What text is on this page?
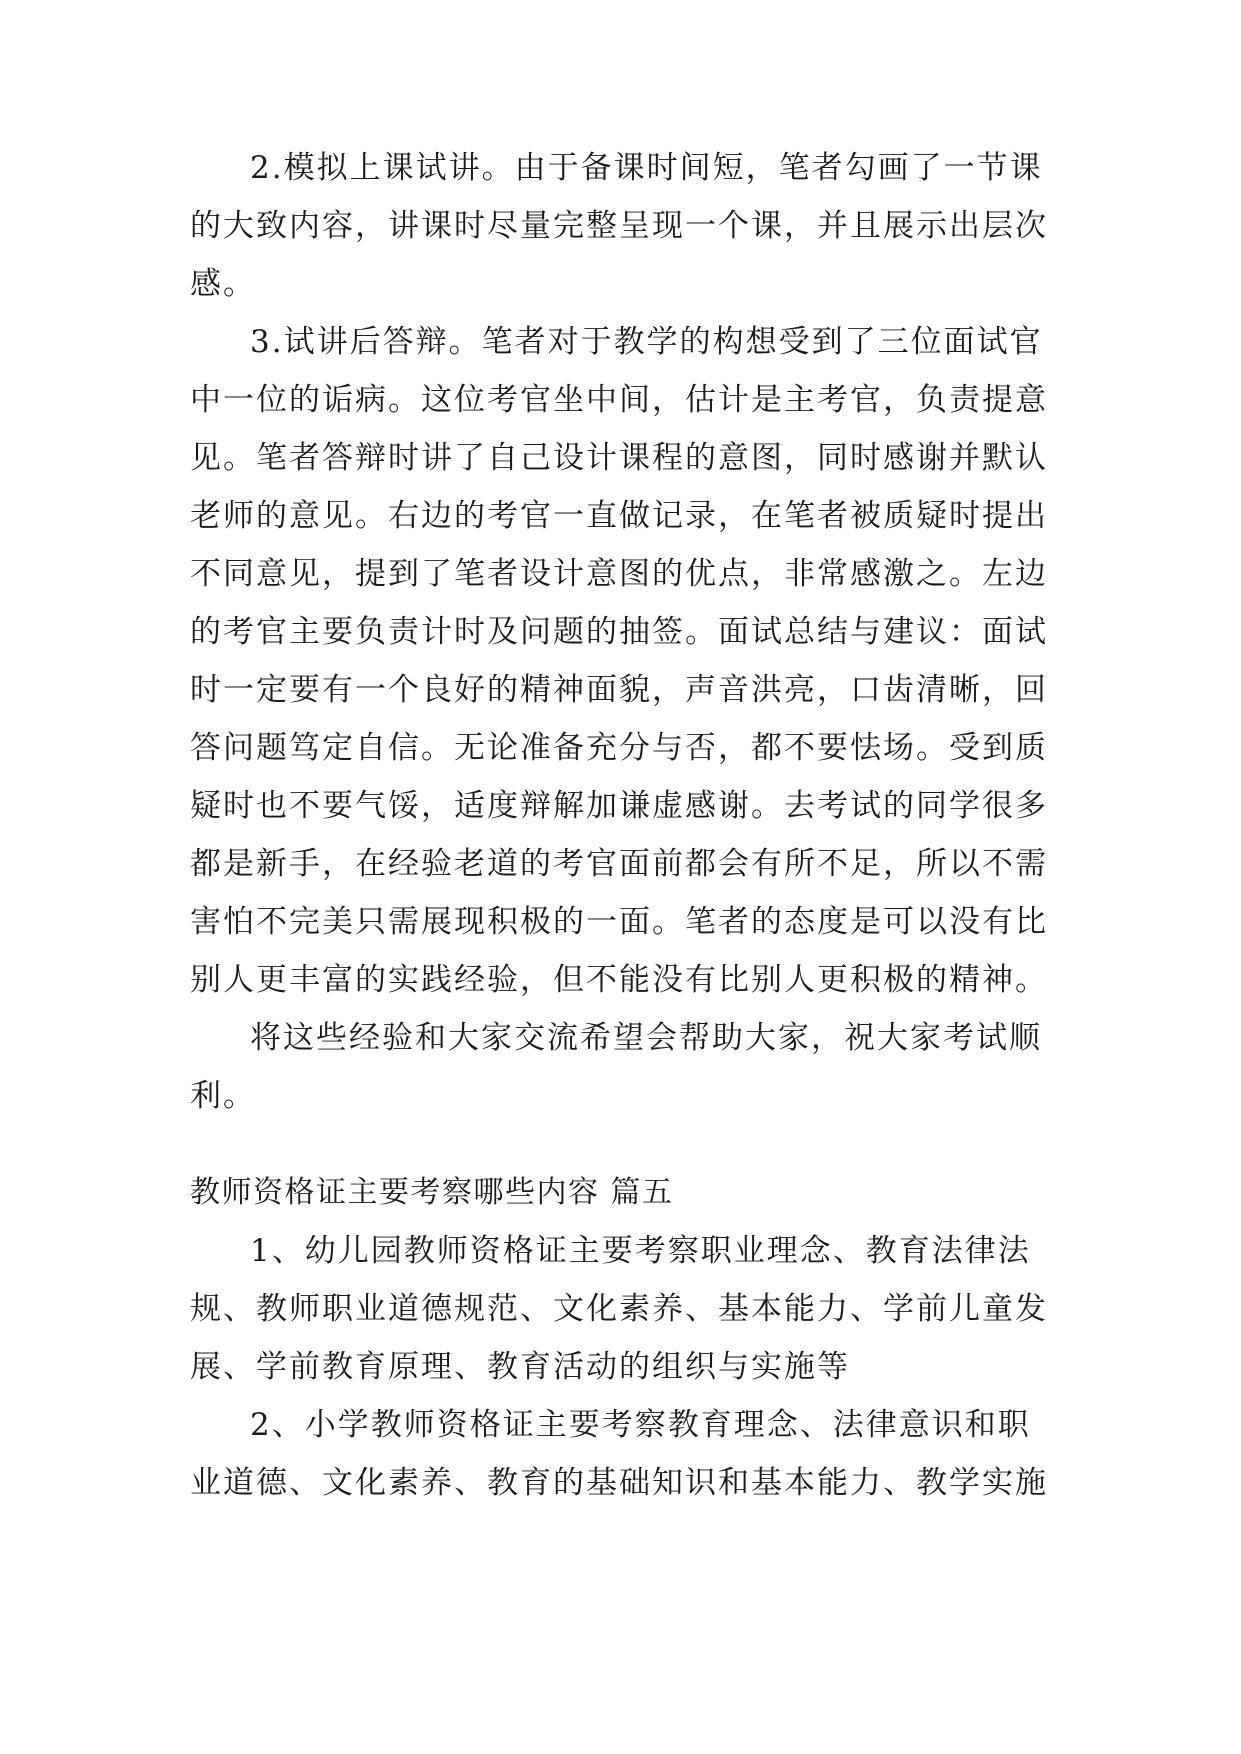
2.模拟上课试讲。由于备课时间短，笔者勾画了一节课
的大致内容，讲课时尽量完整呈现一个课，并且展示出层次
感。
3.试讲后答辩。笔者对于教学的构想受到了三位面试官
中一位的诟病。这位考官坐中间，估计是主考官，负责提意
见。笔者答辩时讲了自己设计课程的意图，同时感谢并默认
老师的意见。右边的考官一直做记录，在笔者被质疑时提出
不同意见，提到了笔者设计意图的优点，非常感激之。左边
的考官主要负责计时及问题的抽签。面试总结与建议：面试
时一定要有一个良好的精神面貌，声音洪亮，口齿清晰，回
答问题笃定自信。无论准备充分与否，都不要怯场。受到质
疑时也不要气馁，适度辩解加谦虚感谢。去考试的同学很多
都是新手，在经验老道的考官面前都会有所不足，所以不需
害怕不完美只需展现积极的一面。笔者的态度是可以没有比
别人更丰富的实践经验，但不能没有比别人更积极的精神。
将这些经验和大家交流希望会帮助大家，祝大家考试顺
利。
教师资格证主要考察哪些内容 篇五
1、幼儿园教师资格证主要考察职业理念、教育法律法
规、教师职业道德规范、文化素养、基本能力、学前儿童发
展、学前教育原理、教育活动的组织与实施等
2、小学教师资格证主要考察教育理念、法律意识和职
业道德、文化素养、教育的基础知识和基本能力、教学实施
